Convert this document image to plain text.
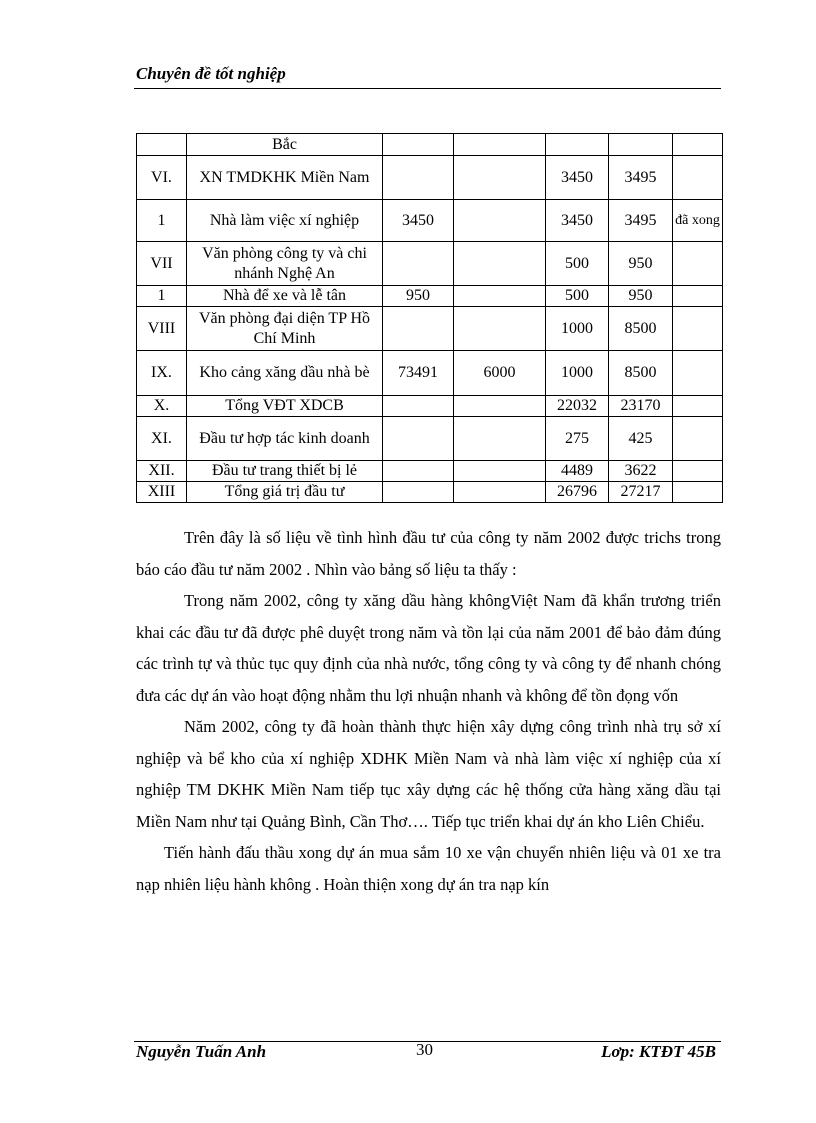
Chuyên đề tốt nghiệp
	Bắc					
VI.	XN TMDKHK Miền Nam			3450	3495	
1	Nhà làm việc xí nghiệp	3450		3450	3495	đã xong
VII	Văn phòng công ty và chi nhánh Nghệ An			500	950	
1	Nhà để xe và lễ tân	950		500	950	
VIII	Văn phòng đại diện TP Hồ Chí Minh			1000	8500	
IX.	Kho cảng xăng dầu nhà bè	73491	6000	1000	8500	
X.	Tổng VĐT XDCB			22032	23170	
XI.	Đầu tư hợp tác kinh doanh			275	425	
XII.	Đầu tư trang thiết bị lẻ			4489	3622	
XIII	Tổng giá trị đầu tư			26796	27217	

Trên đây là số liệu về tình hình đầu tư của công ty năm 2002 được trichs trong báo cáo đầu tư năm 2002 . Nhìn vào bảng số liệu ta thấy :

Trong năm 2002, công ty xăng dầu hàng khôngViệt Nam đã khẩn trương triển khai các đầu tư đã được phê duyệt trong năm và tồn lại của năm 2001 để bảo đảm đúng các trình tự và thủc tục quy định của nhà nước, tổng công ty và công ty để nhanh chóng đưa các dự án vào hoạt động nhằm thu lợi nhuận nhanh và không để tồn đọng vốn

Năm 2002, công ty đã hoàn thành thực hiện xây dựng công trình nhà trụ sở xí nghiệp và bể kho của xí nghiệp XDHK Miền Nam và nhà làm việc xí nghiệp của xí nghiệp TM DKHK Miền Nam tiếp tục xây dựng các hệ thống cửa hàng xăng dầu tại Miền Nam như tại Quảng Bình, Cần Thơ…. Tiếp tục triển khai dự án kho Liên Chiểu.

Tiến hành đấu thầu xong dự án mua sắm 10 xe vận chuyển nhiên liệu và 01 xe tra nạp nhiên liệu hành không . Hoàn thiện xong dự án tra nạp kín

Nguyễn Tuấn Anh	30	Lơp: KTĐT 45B
